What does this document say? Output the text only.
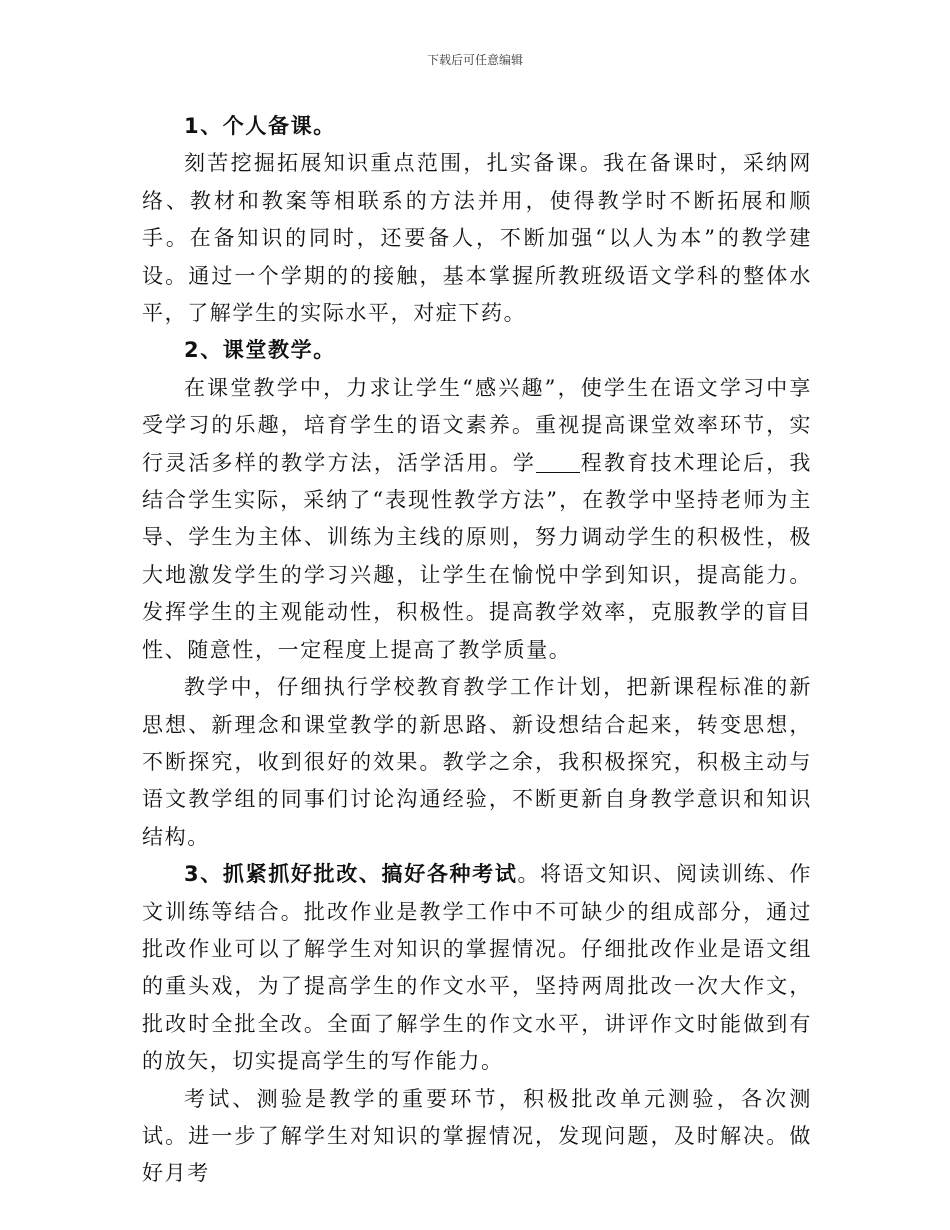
下载后可任意编辑

1、个人备课。

刻苦挖掘拓展知识重点范围，扎实备课。我在备课时，采纳网络、教材和教案等相联系的方法并用，使得教学时不断拓展和顺手。在备知识的同时，还要备人，不断加强“以人为本”的教学建设。通过一个学期的的接触，基本掌握所教班级语文学科的整体水平，了解学生的实际水平，对症下药。

2、课堂教学。

在课堂教学中，力求让学生“感兴趣”，使学生在语文学习中享受学习的乐趣，培育学生的语文素养。重视提高课堂效率环节，实行灵活多样的教学方法，活学活用。学 程教育技术理论后，我结合学生实际，采纳了“表现性教学方法”，在教学中坚持老师为主导、学生为主体、训练为主线的原则，努力调动学生的积极性，极大地激发学生的学习兴趣，让学生在愉悦中学到知识，提高能力。发挥学生的主观能动性，积极性。提高教学效率，克服教学的盲目性、随意性，一定程度上提高了教学质量。

教学中，仔细执行学校教育教学工作计划，把新课程标准的新思想、新理念和课堂教学的新思路、新设想结合起来，转变思想，不断探究，收到很好的效果。教学之余，我积极探究，积极主动与语文教学组的同事们讨论沟通经验，不断更新自身教学意识和知识结构。

3、抓紧抓好批改、搞好各种考试。将语文知识、阅读训练、作文训练等结合。批改作业是教学工作中不可缺少的组成部分，通过批改作业可以了解学生对知识的掌握情况。仔细批改作业是语文组的重头戏，为了提高学生的作文水平，坚持两周批改一次大作文，批改时全批全改。全面了解学生的作文水平，讲评作文时能做到有的放矢，切实提高学生的写作能力。

考试、测验是教学的重要环节，积极批改单元测验，各次测试。进一步了解学生对知识的掌握情况，发现问题，及时解决。做好月考
